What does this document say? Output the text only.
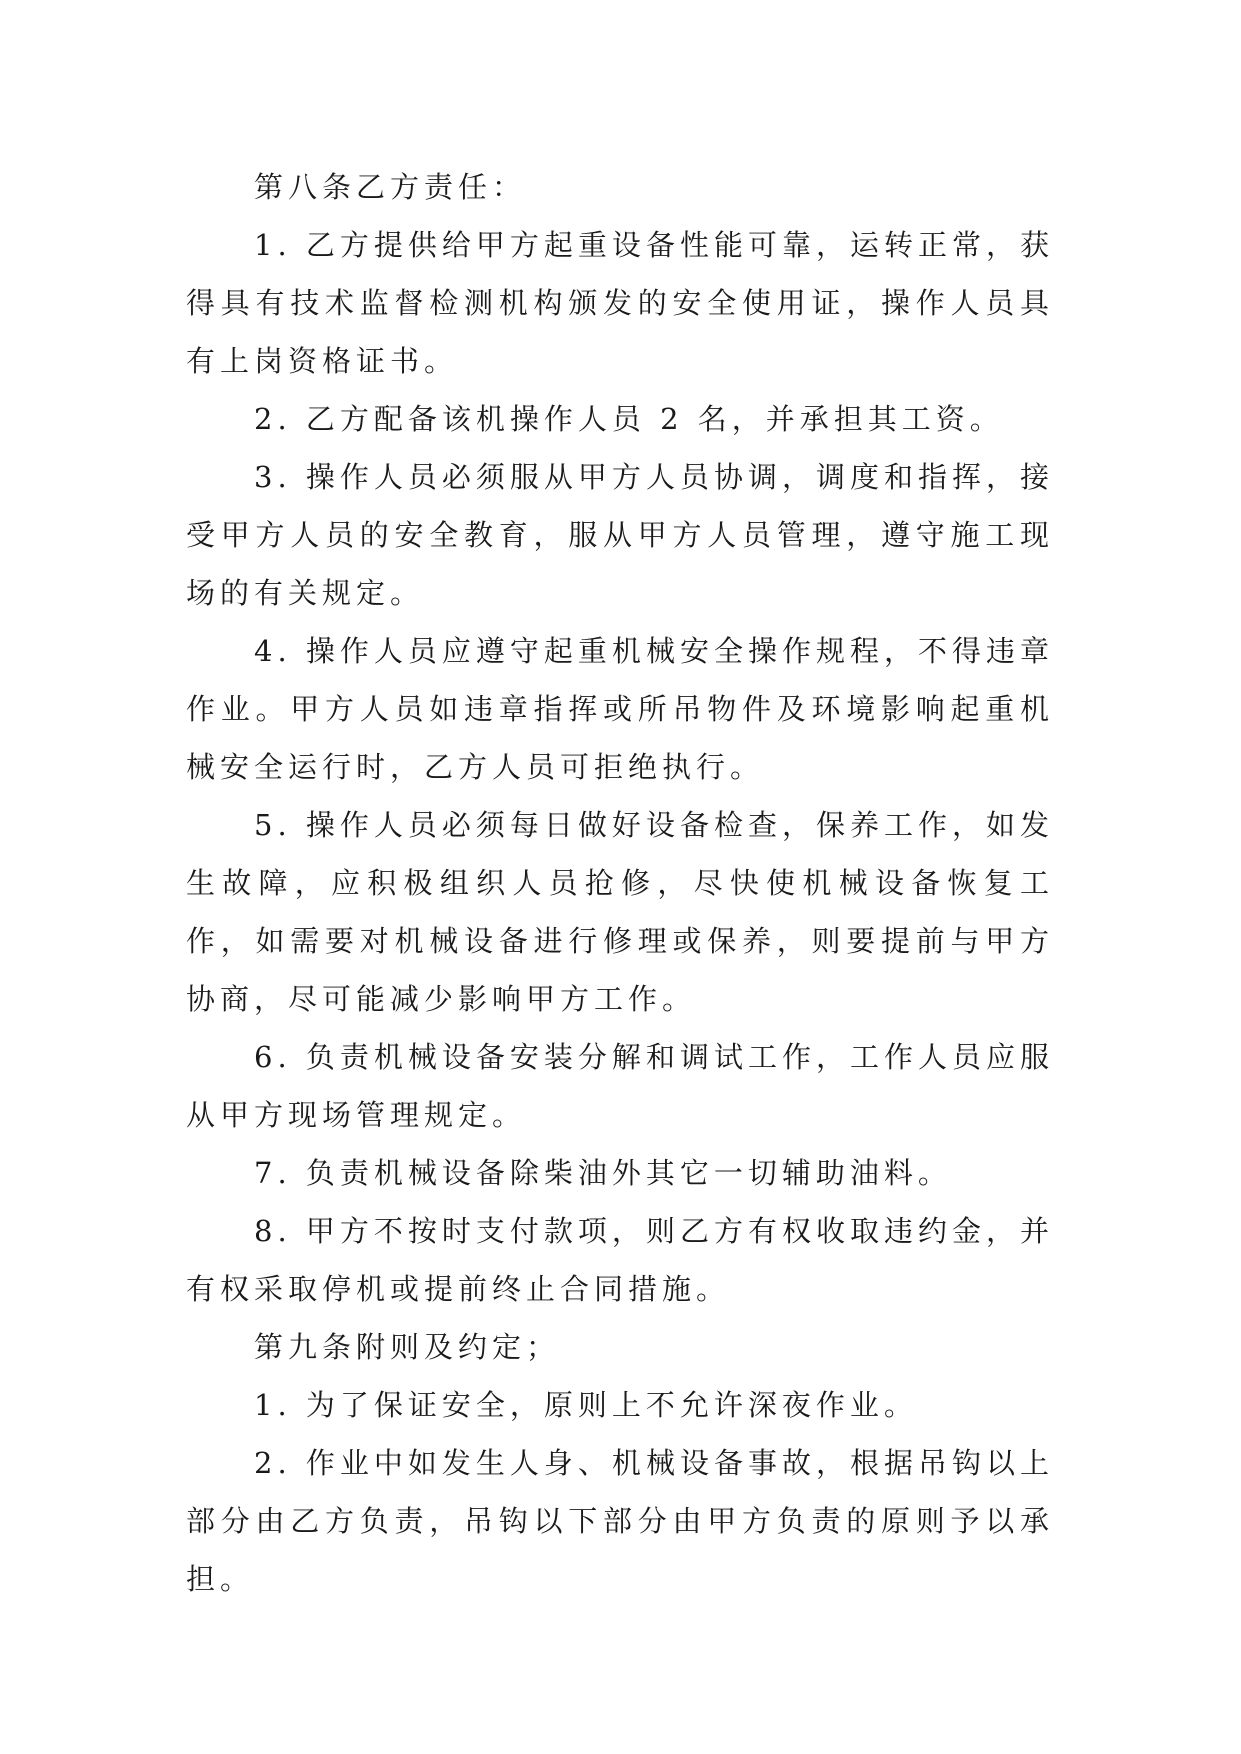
第八条乙方责任：

1. 乙方提供给甲方起重设备性能可靠，运转正常，获得具有技术监督检测机构颁发的安全使用证，操作人员具有上岗资格证书。

2. 乙方配备该机操作人员 2 名，并承担其工资。

3. 操作人员必须服从甲方人员协调，调度和指挥，接受甲方人员的安全教育，服从甲方人员管理，遵守施工现场的有关规定。

4. 操作人员应遵守起重机械安全操作规程，不得违章作业。甲方人员如违章指挥或所吊物件及环境影响起重机械安全运行时，乙方人员可拒绝执行。

5. 操作人员必须每日做好设备检查，保养工作，如发生故障，应积极组织人员抢修，尽快使机械设备恢复工作，如需要对机械设备进行修理或保养，则要提前与甲方协商，尽可能减少影响甲方工作。

6. 负责机械设备安装分解和调试工作，工作人员应服从甲方现场管理规定。

7. 负责机械设备除柴油外其它一切辅助油料。

8. 甲方不按时支付款项，则乙方有权收取违约金，并有权采取停机或提前终止合同措施。

第九条附则及约定；

1. 为了保证安全，原则上不允许深夜作业。

2. 作业中如发生人身、机械设备事故，根据吊钩以上部分由乙方负责，吊钩以下部分由甲方负责的原则予以承担。
